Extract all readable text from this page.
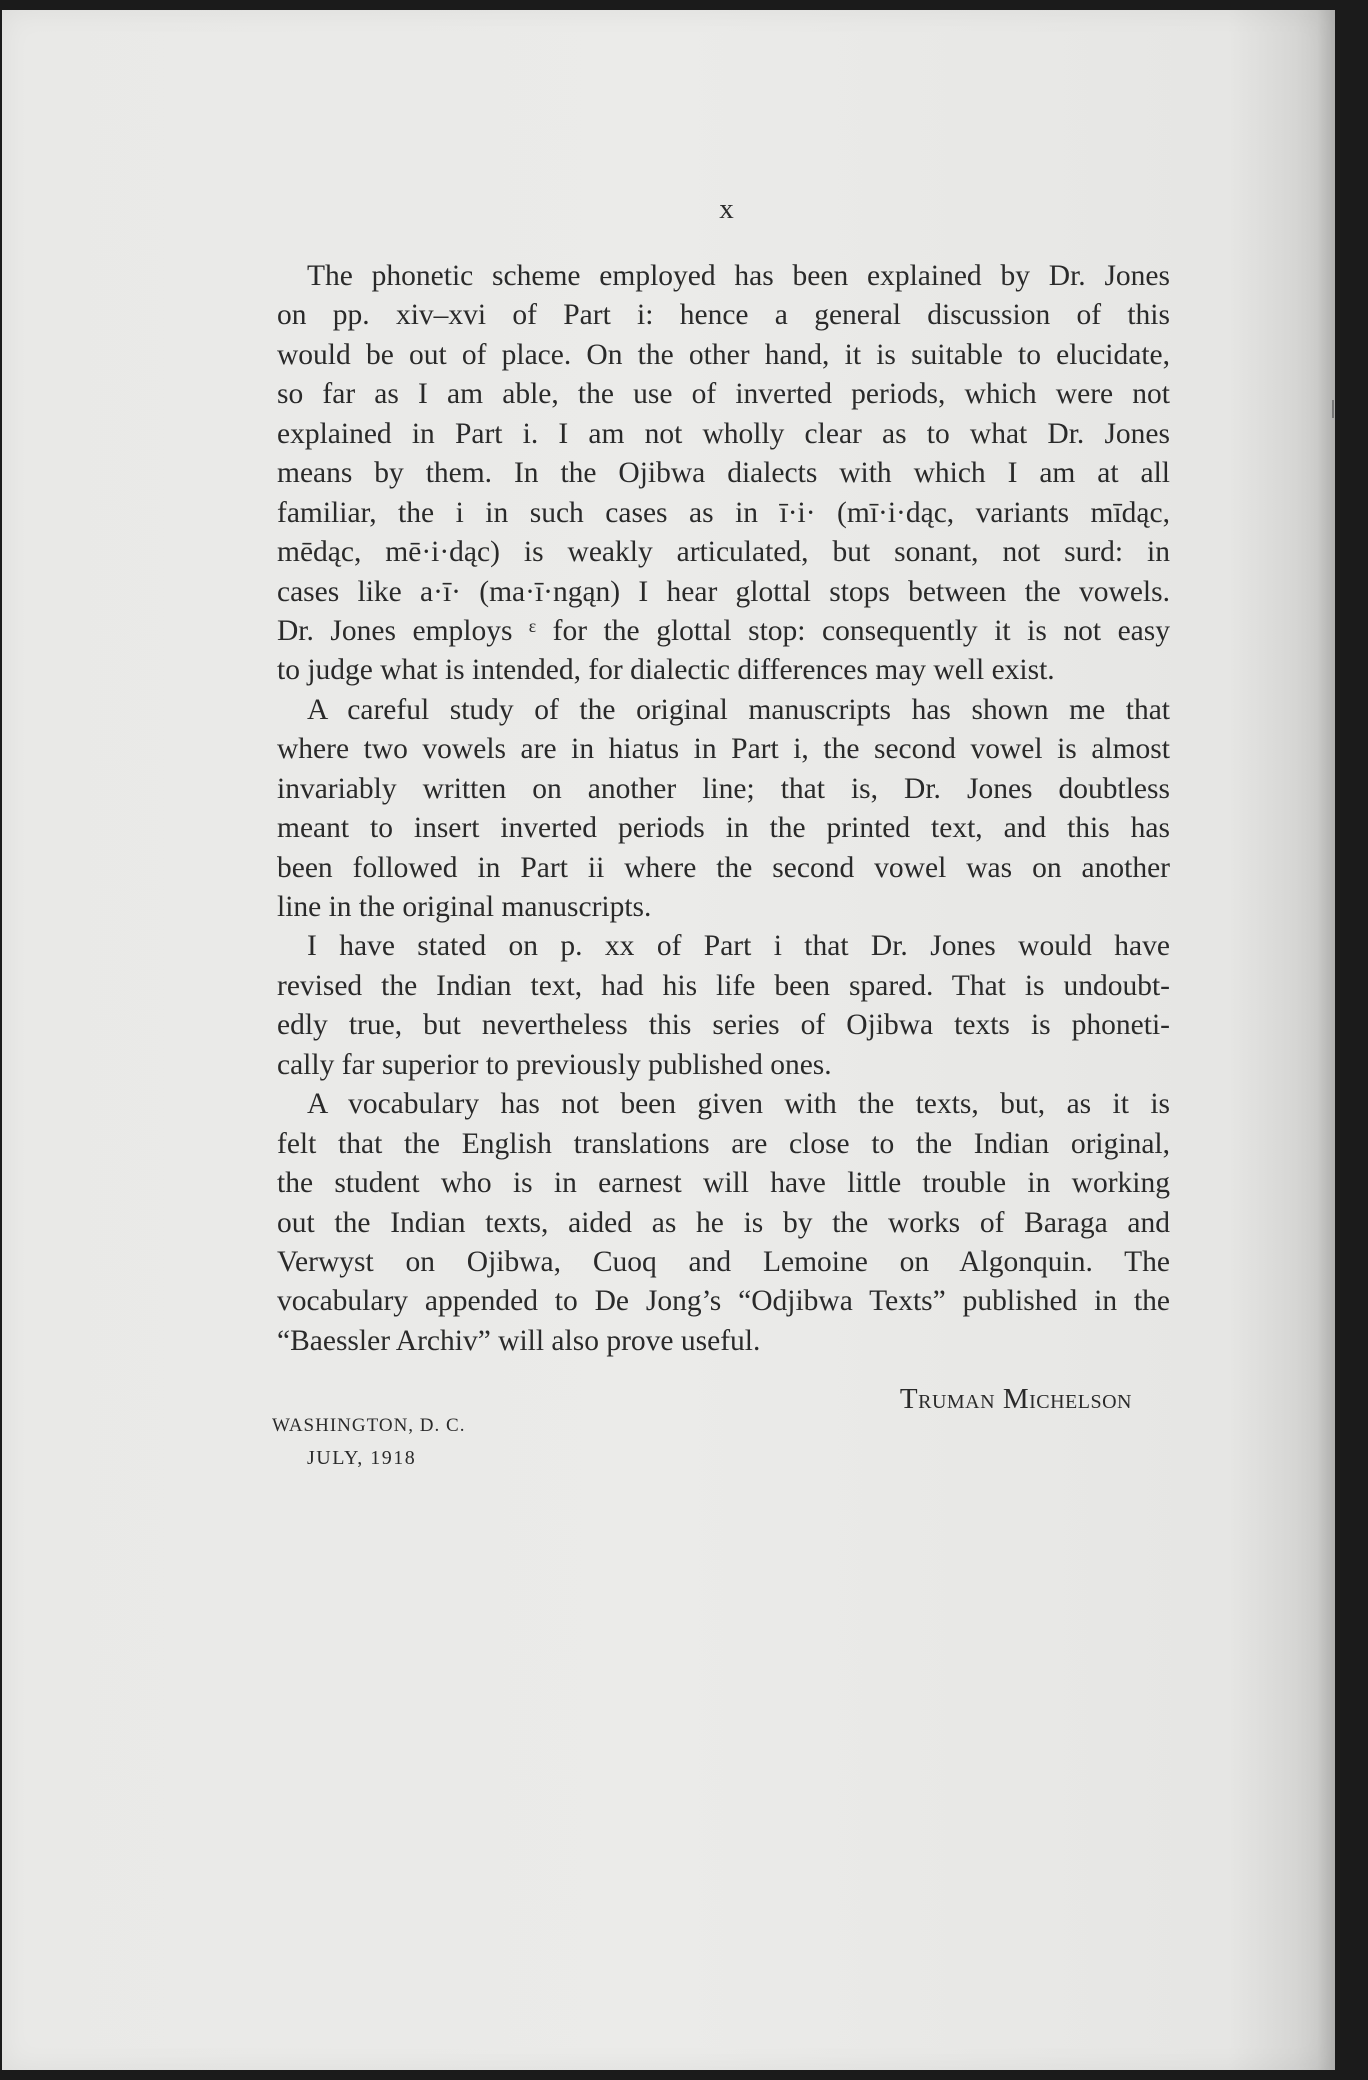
x
The phonetic scheme employed has been explained by Dr. Jones
on pp. xiv–xvi of Part i: hence a general discussion of this
would be out of place. On the other hand, it is suitable to elucidate,
so far as I am able, the use of inverted periods, which were not
explained in Part i. I am not wholly clear as to what Dr. Jones
means by them. In the Ojibwa dialects with which I am at all
familiar, the i in such cases as in ī·i· (mī·i·dąc, variants mīdąc,
mēdąc, mē·i·dąc) is weakly articulated, but sonant, not surd: in
cases like a·ī· (ma·ī·ngąn) I hear glottal stops between the vowels.
Dr. Jones employs ᵋ for the glottal stop: consequently it is not easy
to judge what is intended, for dialectic differences may well exist.
A careful study of the original manuscripts has shown me that
where two vowels are in hiatus in Part i, the second vowel is almost
invariably written on another line; that is, Dr. Jones doubtless
meant to insert inverted periods in the printed text, and this has
been followed in Part ii where the second vowel was on another
line in the original manuscripts.
I have stated on p. xx of Part i that Dr. Jones would have
revised the Indian text, had his life been spared. That is undoubt-
edly true, but nevertheless this series of Ojibwa texts is phoneti-
cally far superior to previously published ones.
A vocabulary has not been given with the texts, but, as it is
felt that the English translations are close to the Indian original,
the student who is in earnest will have little trouble in working
out the Indian texts, aided as he is by the works of Baraga and
Verwyst on Ojibwa, Cuoq and Lemoine on Algonquin. The
vocabulary appended to De Jong’s “Odjibwa Texts” published in the
“Baessler Archiv” will also prove useful.
Truman Michelson
WASHINGTON, D. C.
JULY, 1918
